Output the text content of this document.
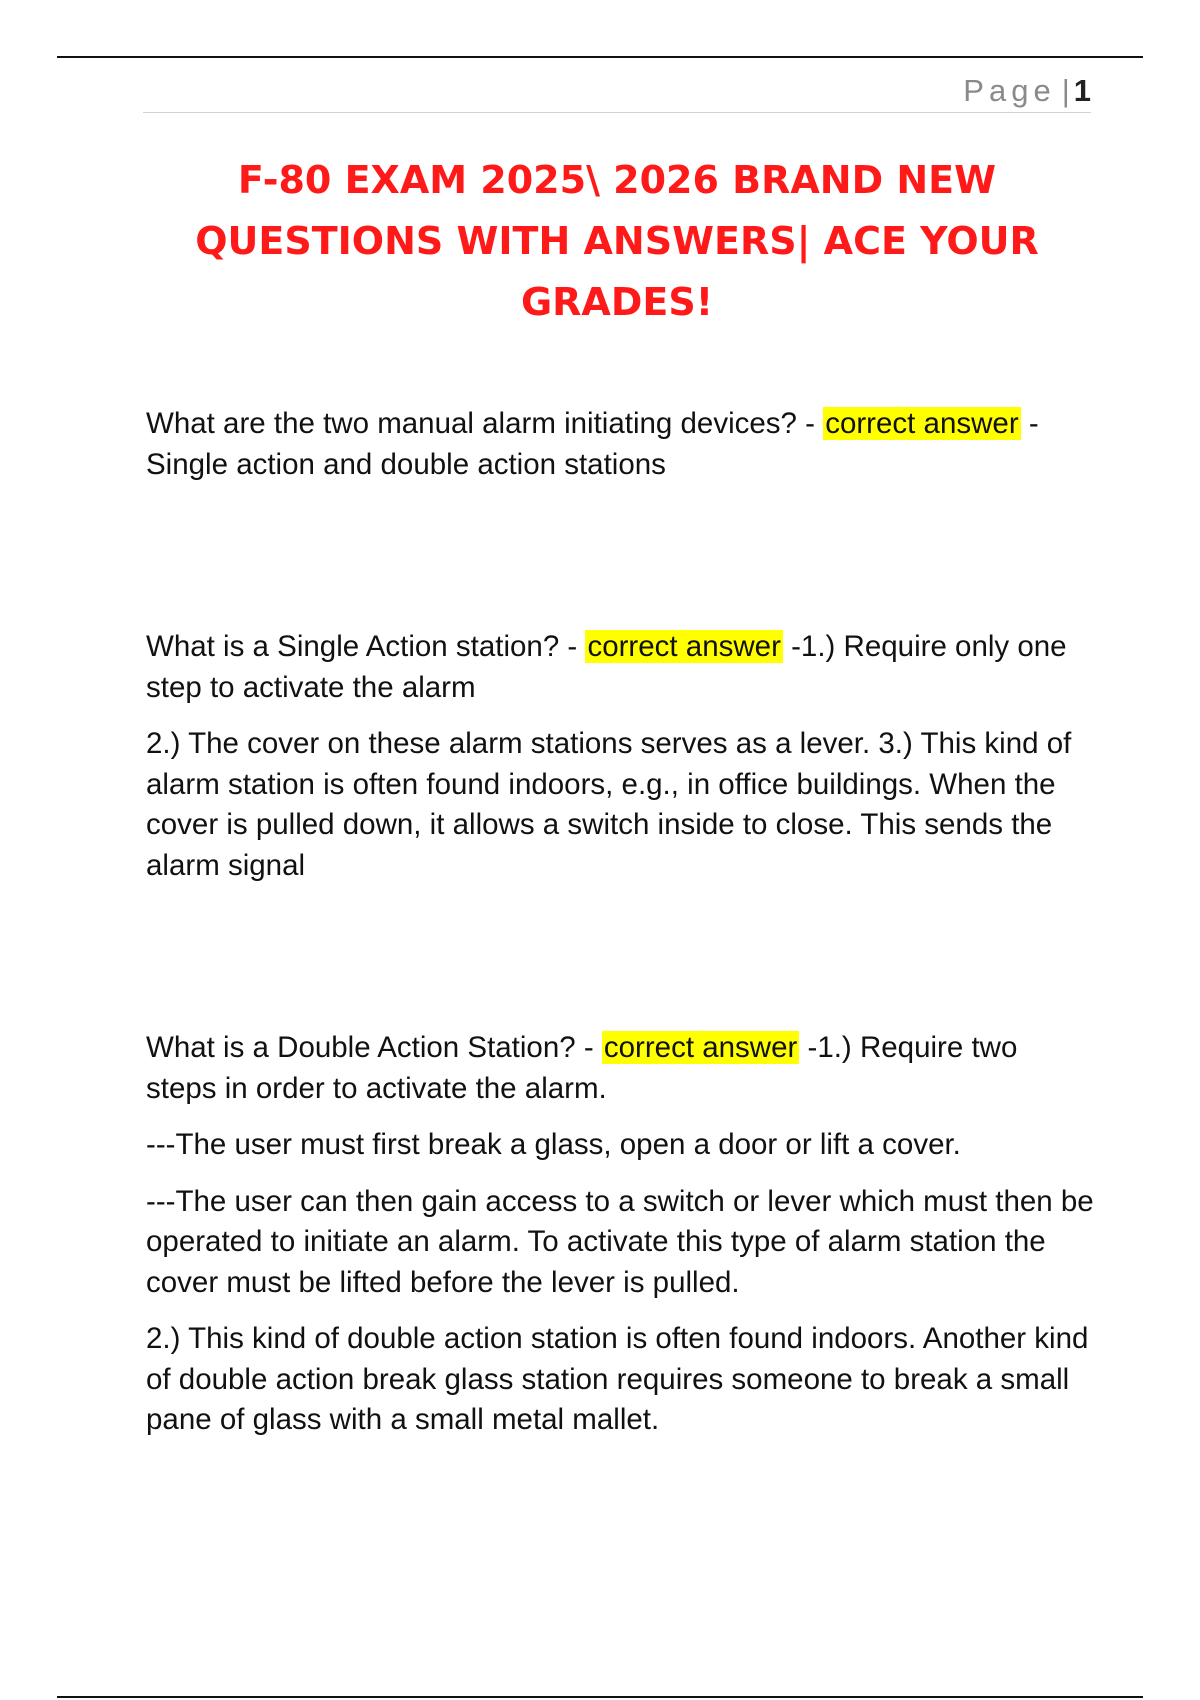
Page | 1
F-80 EXAM 2025\ 2026 BRAND NEW
QUESTIONS WITH ANSWERS| ACE YOUR
GRADES!

What are the two manual alarm initiating devices? - correct answer -Single action and double action stations

What is a Single Action station? - correct answer -1.) Require only one step to activate the alarm

2.) The cover on these alarm stations serves as a lever. 3.) This kind of alarm station is often found indoors, e.g., in office buildings. When the cover is pulled down, it allows a switch inside to close. This sends the alarm signal

What is a Double Action Station? - correct answer -1.) Require two steps in order to activate the alarm.

---The user must first break a glass, open a door or lift a cover.

---The user can then gain access to a switch or lever which must then be operated to initiate an alarm. To activate this type of alarm station the cover must be lifted before the lever is pulled.

2.) This kind of double action station is often found indoors. Another kind of double action break glass station requires someone to break a small pane of glass with a small metal mallet.
